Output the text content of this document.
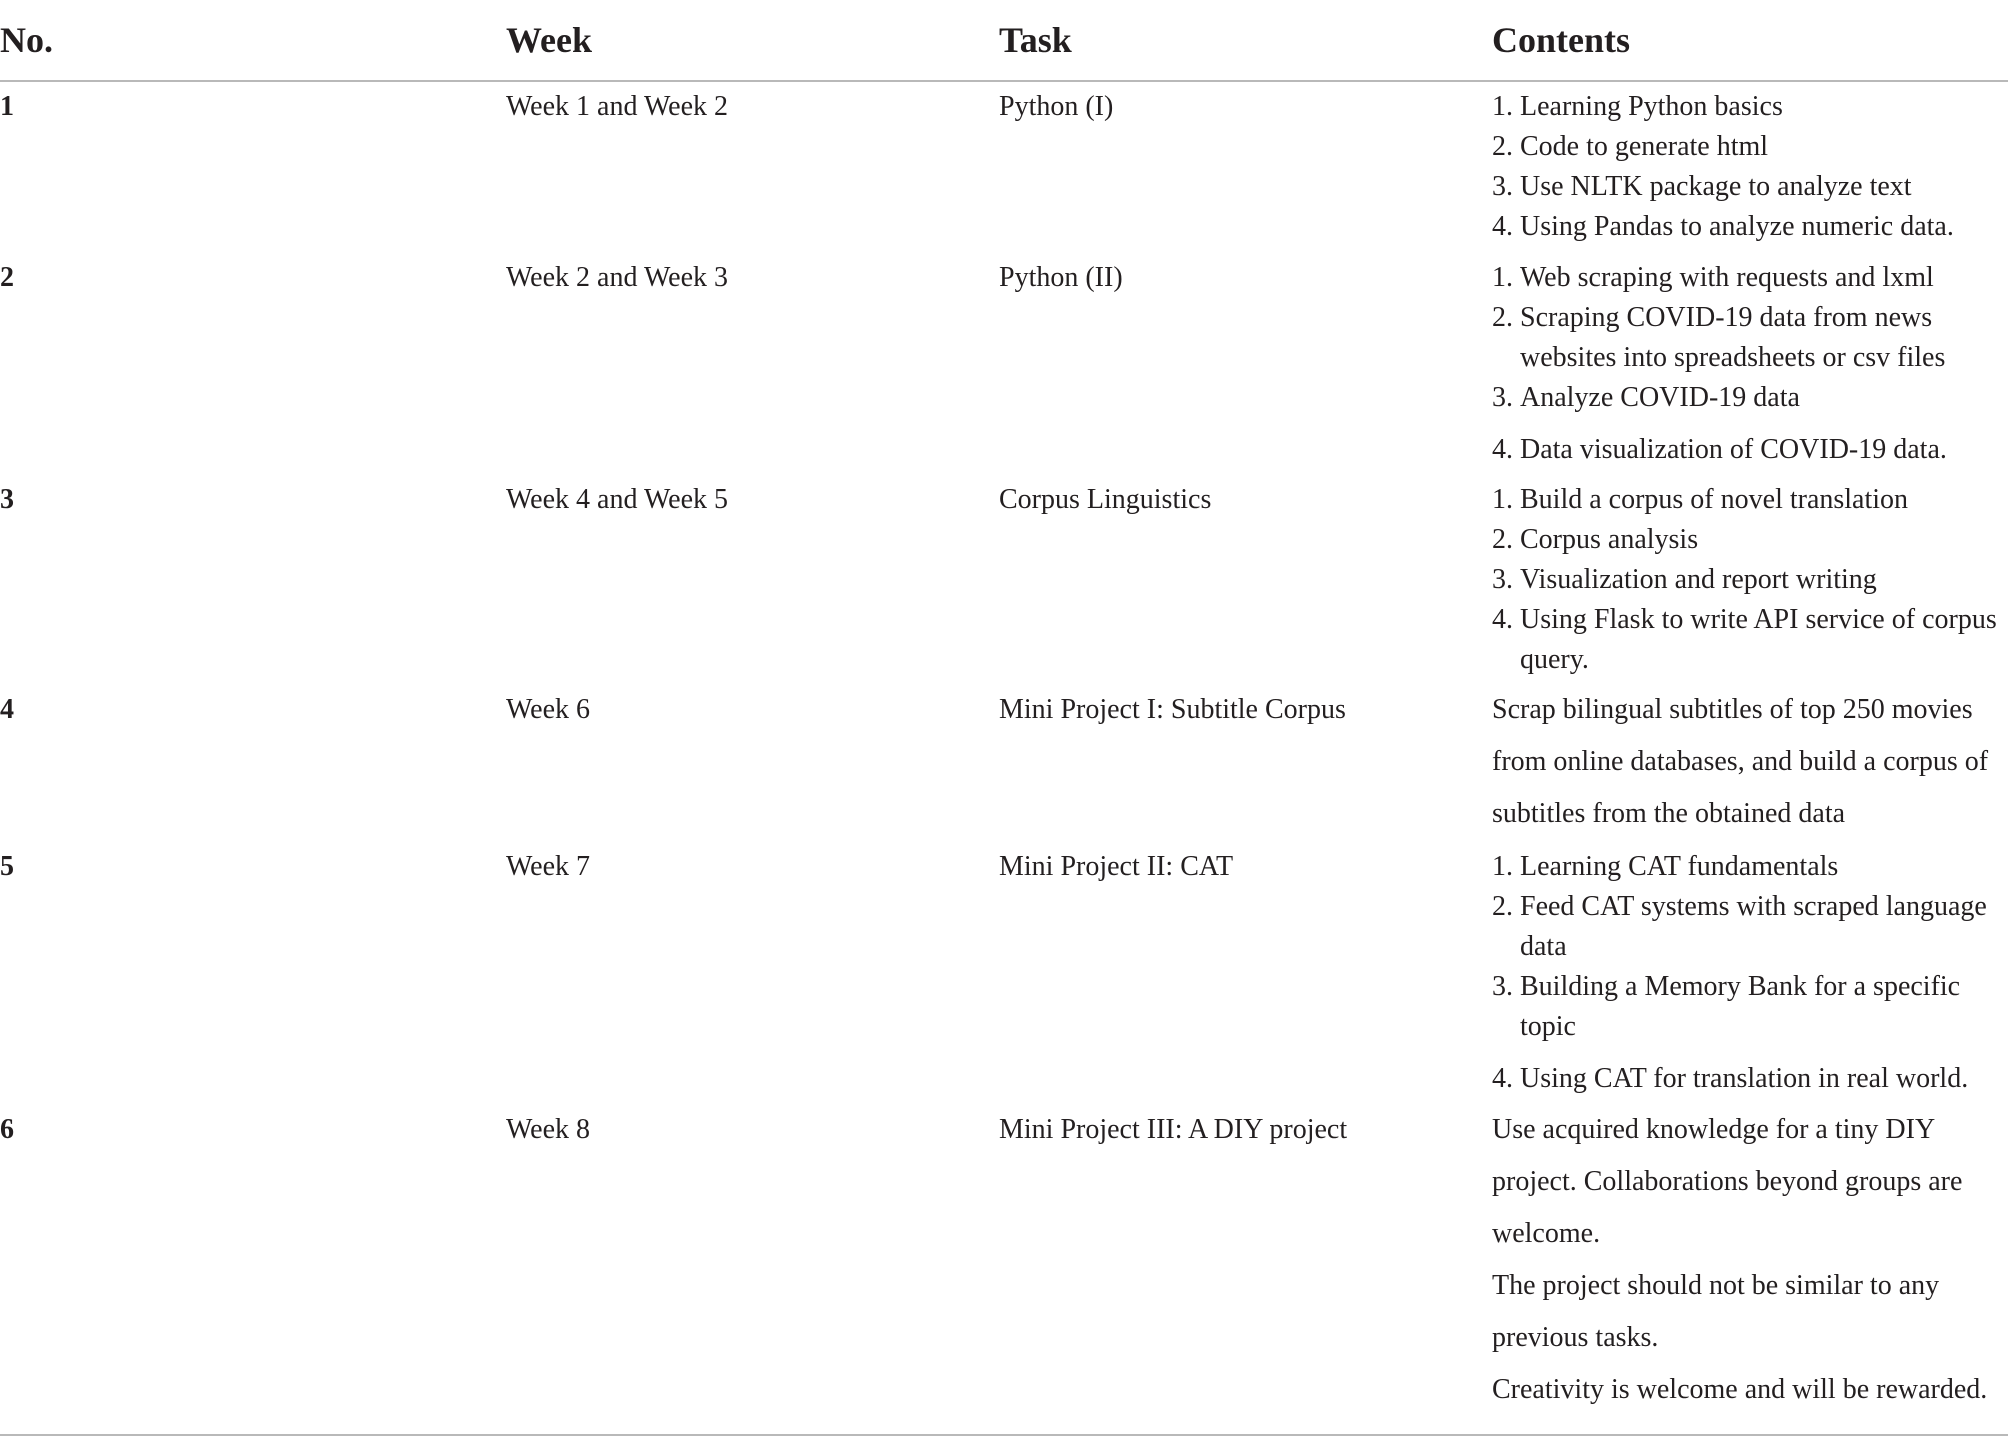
No.	Week	Task	Contents
1	Week 1 and Week 2	Python (I)	1. Learning Python basics
2. Code to generate html
3. Use NLTK package to analyze text
4. Using Pandas to analyze numeric data.
2	Week 2 and Week 3	Python (II)	1. Web scraping with requests and lxml
2. Scraping COVID-19 data from news
websites into spreadsheets or csv files
3. Analyze COVID-19 data
4. Data visualization of COVID-19 data.
3	Week 4 and Week 5	Corpus Linguistics	1. Build a corpus of novel translation
2. Corpus analysis
3. Visualization and report writing
4. Using Flask to write API service of corpus
query.
4	Week 6	Mini Project I: Subtitle Corpus	Scrap bilingual subtitles of top 250 movies
from online databases, and build a corpus of
subtitles from the obtained data
5	Week 7	Mini Project II: CAT	1. Learning CAT fundamentals
2. Feed CAT systems with scraped language
data
3. Building a Memory Bank for a specific
topic
4. Using CAT for translation in real world.
6	Week 8	Mini Project III: A DIY project	Use acquired knowledge for a tiny DIY
project. Collaborations beyond groups are
welcome.
The project should not be similar to any
previous tasks.
Creativity is welcome and will be rewarded.
